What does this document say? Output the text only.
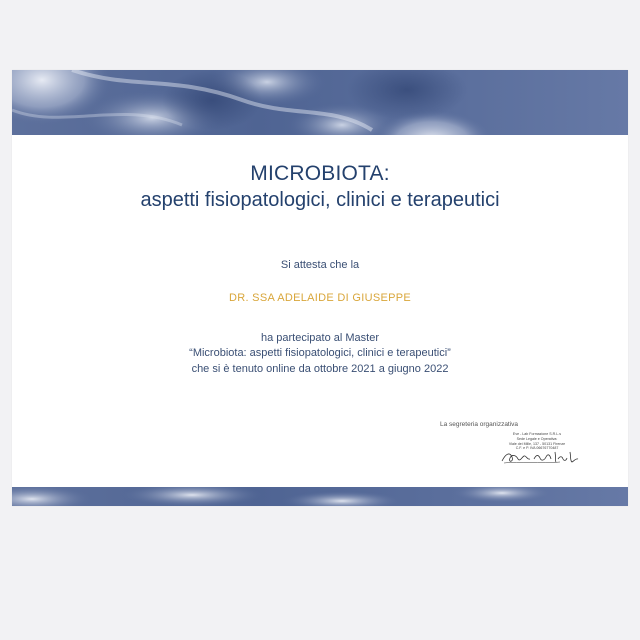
MICROBIOTA:
aspetti fisiopatologici, clinici e terapeutici
Si attesta che la
DR. SSA ADELAIDE DI GIUSEPPE
ha partecipato al Master
“Microbiota: aspetti fisiopatologici, clinici e terapeutici”
che si è tenuto online da ottobre 2021 a giugno 2022
La segreteria organizzativa
Eve - Lab Formazione S.R.L.s
Sede Legale e Operativa:
Viale dei Mille, 137 - 50131 Firenze
C.F. e P. IVA 06676770487
